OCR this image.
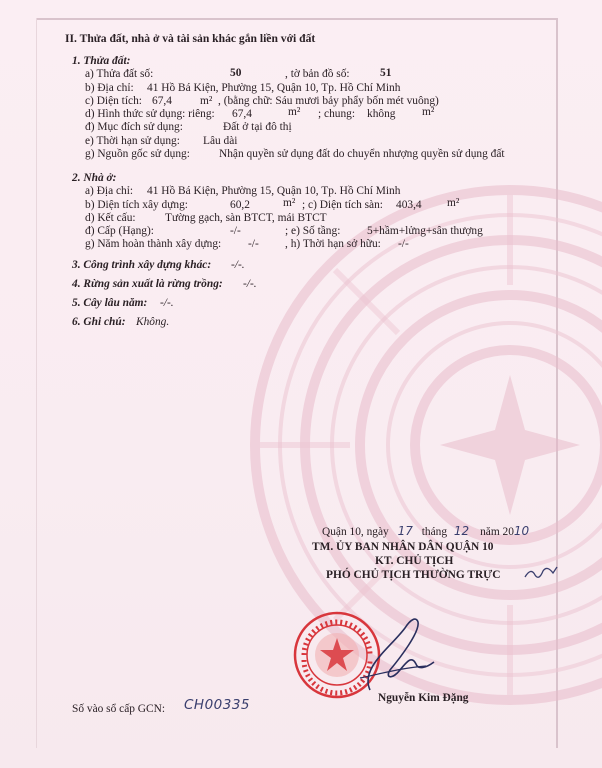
II. Thửa đất, nhà ở và tài sản khác gắn liền với đất
1. Thửa đất:
a) Thửa đất số:	50	, tờ bản đồ số:	51
b) Địa chỉ: 41 Hồ Bá Kiện, Phường 15, Quận 10, Tp. Hồ Chí Minh
c) Diện tích: 67,4 m² , (bằng chữ: Sáu mươi bảy phẩy bốn mét vuông)
d) Hình thức sử dụng: riêng: 67,4	m² ; chung: không m²
đ) Mục đích sử dụng:	Đất ở tại đô thị
e) Thời hạn sử dụng: Lâu dài
g) Nguồn gốc sử dụng:	Nhận quyền sử dụng đất do chuyển nhượng quyền sử dụng đất
2. Nhà ở:
a) Địa chỉ: 41 Hồ Bá Kiện, Phường 15, Quận 10, Tp. Hồ Chí Minh
b) Diện tích xây dựng:	60,2	m² ; c) Diện tích sàn: 403,4 m²
d) Kết cấu:	Tường gạch, sàn BTCT, mái BTCT
đ) Cấp (Hạng):	-/-	; e) Số tầng: 5+hầm+lửng+sân thượng
g) Năm hoàn thành xây dựng: -/- , h) Thời hạn sở hữu: -/-
3. Công trình xây dựng khác: -/-.
4. Rừng sản xuất là rừng trồng: -/-.
5. Cây lâu năm: -/-.
6. Ghi chú: Không.
Quận 10, ngày 17 tháng 12 năm 2010
TM. ỦY BAN NHÂN DÂN QUẬN 10
KT. CHỦ TỊCH
PHÓ CHỦ TỊCH THƯỜNG TRỰC
Nguyễn Kim Đặng
Số vào sổ cấp GCN: CH00335
